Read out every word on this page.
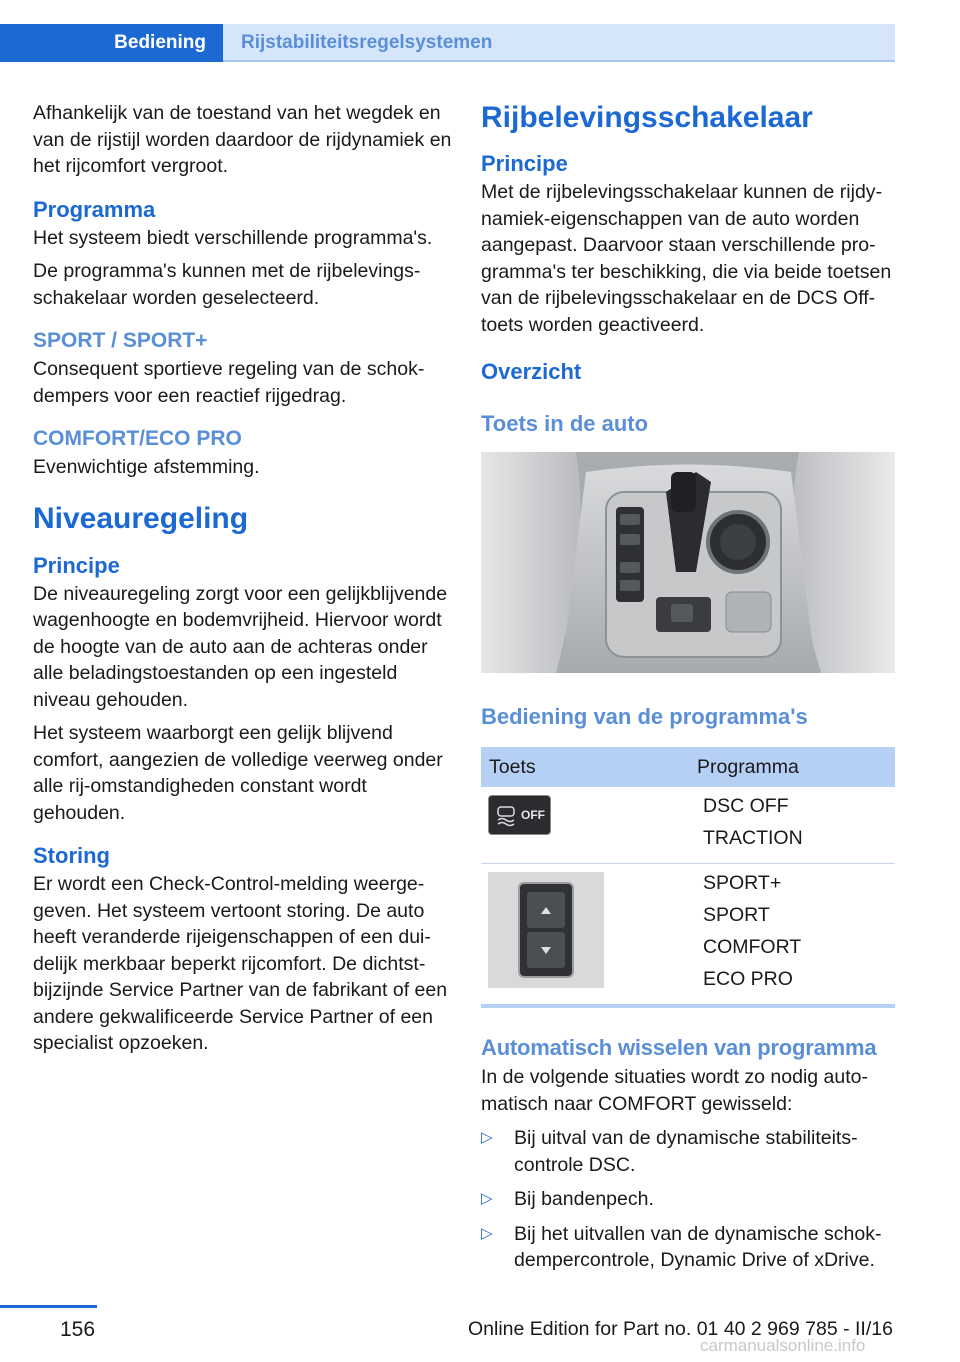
Bediening	Rijstabiliteitsregelsystemen

Afhankelijk van de toestand van het wegdek en van de rijstijl worden daardoor de rijdynamiek en het rijcomfort vergroot.

Programma

Het systeem biedt verschillende programma's.

De programma's kunnen met de rijbelevingsschakelaar worden geselecteerd.

SPORT / SPORT+

Consequent sportieve regeling van de schokdempers voor een reactief rijgedrag.

COMFORT/ECO PRO

Evenwichtige afstemming.

Niveauregeling
Principe

De niveauregeling zorgt voor een gelijkblijvende wagenhoogte en bodemvrijheid. Hiervoor wordt de hoogte van de auto aan de achteras onder alle beladingstoestanden op een ingesteld niveau gehouden.

Het systeem waarborgt een gelijk blijvend comfort, aangezien de volledige veerweg onder alle rij-omstandigheden constant wordt gehouden.

Storing

Er wordt een Check-Control-melding weergegeven. Het systeem vertoont storing. De auto heeft veranderde rijeigenschappen of een duidelijk merkbaar beperkt rijcomfort. De dichtstbijzijnde Service Partner van de fabrikant of een andere gekwalificeerde Service Partner of een specialist opzoeken.

Rijbelevingsschakelaar
Principe

Met de rijbelevingsschakelaar kunnen de rijdynamiek-eigenschappen van de auto worden aangepast. Daarvoor staan verschillende programma's ter beschikking, die via beide toetsen van de rijbelevingsschakelaar en de DCS Off-toets worden geactiveerd.

Overzicht
Toets in de auto
Bediening van de programma's
Toets	Programma

OFF	DSC OFF
TRACTION

	SPORT+
SPORT
COMFORT
ECO PRO
Automatisch wisselen van programma

In de volgende situaties wordt zo nodig automatisch naar COMFORT gewisseld:

▷ Bij uitval van de dynamische stabiliteitscontrole DSC.
▷ Bij bandenpech.
▷ Bij het uitvallen van de dynamische schokdempercontrole, Dynamic Drive of xDrive.
156	Online Edition for Part no. 01 40 2 969 785 - II/16
carmanualsonline.info
